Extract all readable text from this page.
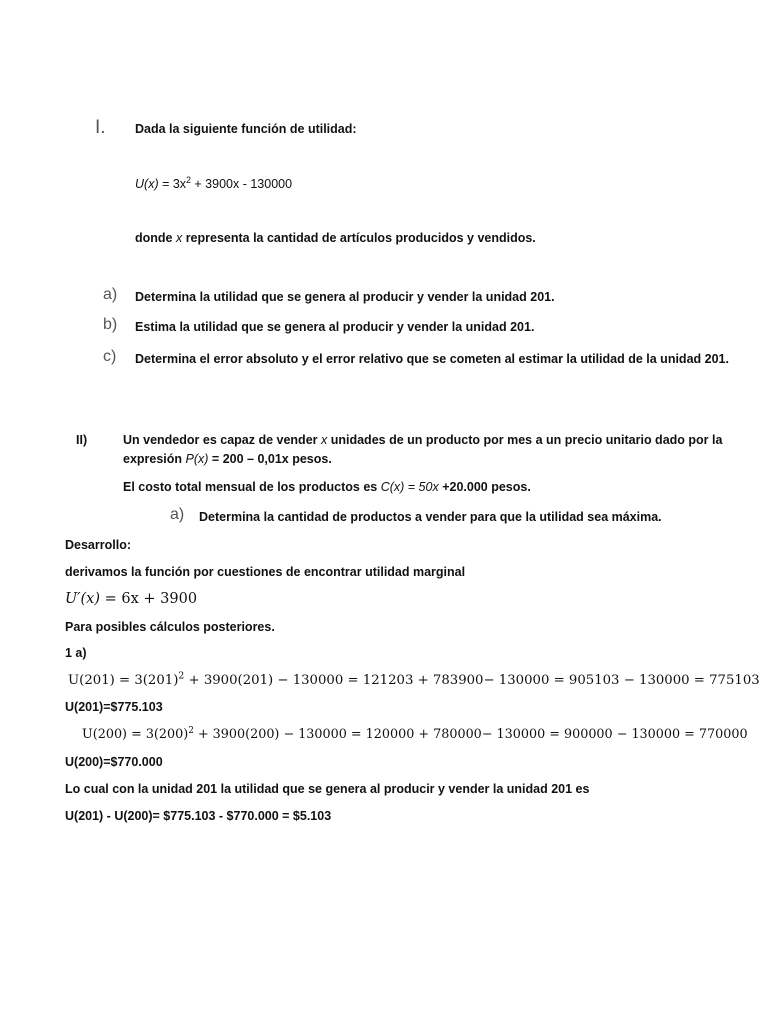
I. Dada la siguiente función de utilidad:
$U(x) = 3x^2 + 3900x - 130000$
donde x representa la cantidad de artículos producidos y vendidos.
a) Determina la utilidad que se genera al producir y vender la unidad 201.
b) Estima la utilidad que se genera al producir y vender la unidad 201.
c) Determina el error absoluto y el error relativo que se cometen al estimar la utilidad de la unidad 201.
II)	Un vendedor es capaz de vender x unidades de un producto por mes a un precio unitario dado por la
expresión P(x) = 200 – 0,01x pesos.
El costo total mensual de los productos es C(x) = 50x +20.000 pesos.
a) Determina la cantidad de productos a vender para que la utilidad sea máxima.
Desarrollo:
derivamos la función por cuestiones de encontrar utilidad marginal
U′(x) = 6x + 3900
Para posibles cálculos posteriores.
1 a)
$U(201) = 3(201)^2 + 3900(201) - 130000 = 121203 + 783900- 130000 = 905103 - 130000 = 775103$
U(201)=$775.103
$U(200) = 3(200)^2 + 3900(200) - 130000 = 120000 + 780000- 130000 = 900000 - 130000 = 770000$
U(200)=$770.000
Lo cual con la unidad 201 la utilidad que se genera al producir y vender la unidad 201 es
U(201) - U(200)= $775.103 - $770.000 = $5.103
